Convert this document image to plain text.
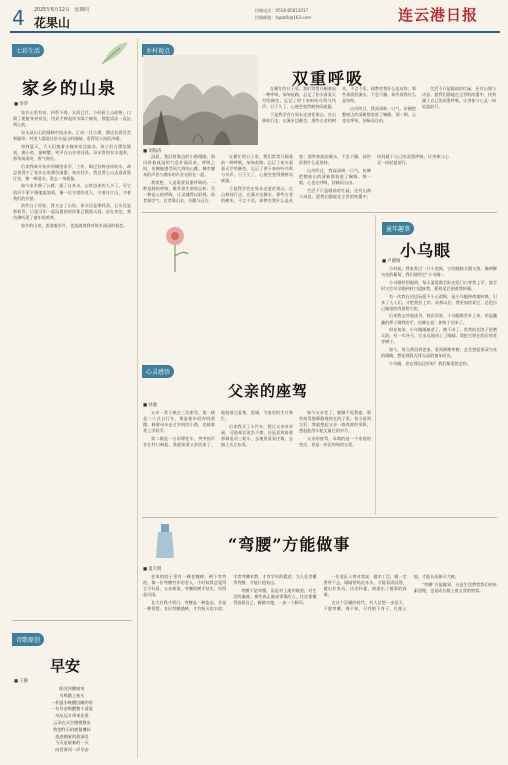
4 2025年6月12日　星期四
花果山
投稿电话：0518-85812017
投稿邮箱：hgsbfk@163.com	连云港日报
七彩生活
家乡的山泉
■ 李华

家乡山里有泉，四季不竭，水清且甘。小时候上山砍柴，口渴了便俯身到泉边，用双手捧起泉水喝个痛快，那股清凉一直沁到心底。

泉水从山石的缝隙中流出来，汇成一汪小潭，潭边长着青苔和蕨草。村里人都说这泉水是山的眼睛，看得见人间的冷暖。

每到夏天，大人们挑着水桶来泉边取水，孩子们在潭边嬉戏，摸小鱼、捉螃蟹，笑声在山谷里回荡。母亲常用泉水泡茶，那茶汤清亮，香气绵长。

后来我离开家乡到城里求学、工作，喝过各种各样的水，却总觉得少了家乡山泉那份清甜。每次回乡，我总要上山去看看那汪泉，掬一捧清水，洗去一身疲惫。

如今家乡修了公路，通了自来水，山泉边来的人少了，可它依旧不紧不慢地流淌着，像一位守望的老人，守着这片山，守着我们的乡愁。

前些日子回家，我又去了山里。泉水还是那样清，石头还是那样青，只是当年一起玩耍的伙伴都已散落天涯。站在泉边，我仿佛听见了童年的欢笑。

家乡的山泉，流淌着岁月，也流淌着我对故乡深深的眷恋。

诗歌原创
早安
■ 王静
阳光叫醒窗帘
鸟鸣跳上枝头
一杯温水唤醒沉睡的胃
一句早安唤醒整个清晨
风从远方带来花香
云朵在天空慢慢散步
我把昨天的疲惫叠好
放进抽屉的最深处
今天是崭新的一天
向世界问一声早安
乡村视点
双重呼吸
■ 刘海涛

清晨，我沿着海边的小路慢跑，海风带着咸湿的气息扑面而来，呼吸之间，仿佛能感受到大海的心跳。城市醒来的声音与潮水的声音交织在一起。

我常想，人是需要双重呼吸的。一种是肺的呼吸，维系着生命的运转；另一种是心的呼吸，让灵魂得以舒展。前者靠空气，后者靠山水、书籍与远方。

在繁忙的日子里，我们常常只顾着前一种呼吸，匆匆赶路，忘记了抬头看看天空的颜色，忘记了停下来听听鸟鸣与风声。日子久了，心便会变得拥挤而疲惫。

于是我学会在周末走进花果山，在山林间行走，在溪水边静坐。那些古老的树木，不言不语，却教会我什么是从容；那些奔流的溪水，不急不躁，却告诉我什么是坚持。

山风吹过，我深深吸一口气，仿佛把整座山的清新都装进了胸膛。那一刻，心也在呼吸，舒畅而自由。

生活不只是眼前的忙碌，还有山海与诗意。愿我们都能在尘世的喧嚣中，找到属于自己的双重呼吸，让身体与心灵一同轻盈前行。

在繁忙的日子里，我们常常只顾着前一种呼吸，匆匆赶路，忘记了抬头看看天空的颜色，忘记了停下来听听鸟鸣与风声。日子久了，心便会变得拥挤而疲惫。

于是我学会在周末走进花果山，在山林间行走，在溪水边静坐。那些古老的树木，不言不语，却教会我什么是从容；那些奔流的溪水，不急不躁，却告诉我什么是坚持。

山风吹过，我深深吸一口气，仿佛把整座山的清新都装进了胸膛。那一刻，心也在呼吸，舒畅而自由。

生活不只是眼前的忙碌，还有山海与诗意。愿我们都能在尘世的喧嚣中，找到属于自己的双重呼吸，让身体与心灵一同轻盈前行。

心灵感悟
父亲的座驾
■ 孙强

父亲一辈子换过三次座驾。第一辆是二八式自行车，那是他年轻时的骄傲，载着母亲走过乡间的小路，也载着我上学放学。

第二辆是一台旧摩托车，突突的声音在村口响起，我就知道父亲回来了。他骑着它赶集、进城，为家里的生计奔忙。

后来我买了小汽车，想让父亲享享福，可他却总说坐不惯，还是喜欢骑着那辆电动三轮车，去地里看看庄稼，去镇上买点东西。

如今父亲老了，腿脚不再利索，那些座驾都静静地停在院子里。每当看到它们，我就想起父亲一路奔波的身影，想起他用车轮丈量过的岁月。

父亲的座驾，承载的是一个家庭的变迁，更是一份沉甸甸的父爱。

“弯腰”方能做事
■ 夏天明

老家的院子里有一棵老槐树，树干弯弯的，像一位弯腰劳作的老人。小时候我总觉得它不好看，父亲却说，弯腰的树才结实，经得起风雨。

长大后我才明白，弯腰是一种姿态，更是一种智慧。农民弯腰插秧，才有秋天的丰收；学者弯腰求教，才有学问的精进；为人处世懂得弯腰，才能行稳致远。

弯腰不是卑微，而是对土地的敬重，对生活的谦逊。那些真正做成事情的人，往往都懂得放低自己，脚踏实地，一步一个脚印。

一位老匠人曾对我说，做木工活，腰一定要弯下去，眼睛要贴近木头，才能看清纹理，做出好家具。这话朴素，却道出了做事的真谛。

在这个浮躁的时代，有人总想一步登天，不愿弯腰。殊不知，只有俯下身子，扎根土地，才能长成参天大树。

“弯腰”方能做事，这是生活教给我们的朴素道理，也是成长路上最宝贵的财富。

童年趣事
小乌眼
■ 卢晓梅

小时候，我家养过一只小黑狗，它的眼睛又圆又黑，像两颗乌亮的葡萄，我们便叫它“小乌眼”。

小乌眼特别聪明，每天清晨都会趴在院门口等我上学，放学时又会早早跑到村口迎接我，摇着尾巴围着我转圈。

有一次我在河边玩耍不小心滑倒，是小乌眼拼命地叫唤，引来了大人们，才把我拉上岸。从那以后，我更加疼爱它，总把自己碗里的肉留给它吃。

后来我去外地读书，每次回家，小乌眼都会扑上来，用湿漉漉的鼻子蹭我的手，仿佛在说：你终于回来了。

时光匆匆，小乌眼渐渐老了，跑不动了，常常趴在院子里晒太阳。有一年冬天，它永远地闭上了眼睛。我把它埋在院后的老枣树下。

如今，每当我回到老家，看到那棵枣树，总会想起那双乌亮的眼睛，想起那段无忧无虑的童年时光。

小乌眼，你在那边还好吗？我们都很想念你。
